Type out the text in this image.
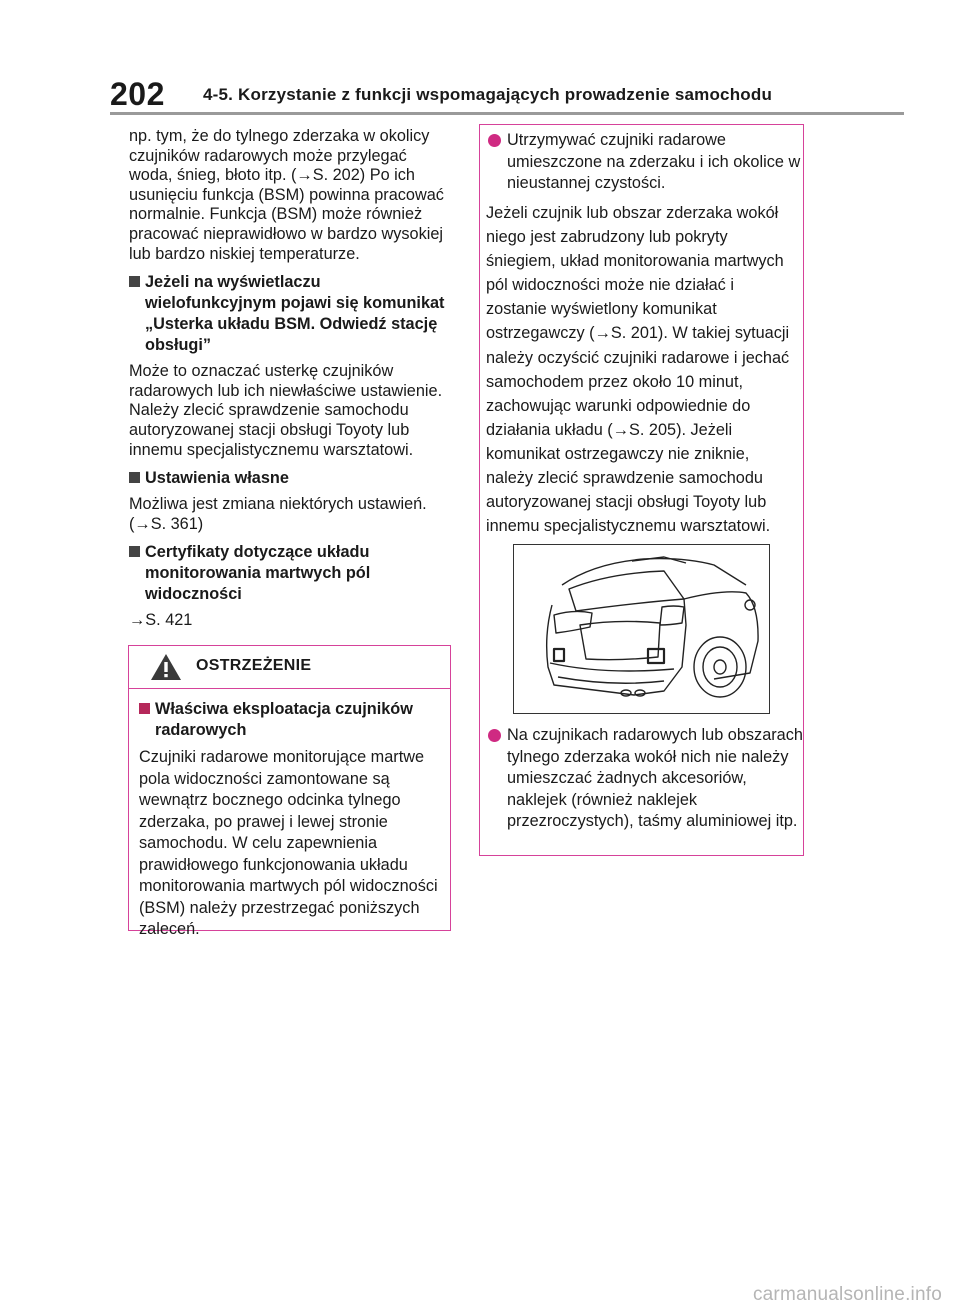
202 4-5. Korzystanie z funkcji wspomagających prowadzenie samochodu

np. tym, że do tylnego zderzaka w okolicy czujników radarowych może przylegać woda, śnieg, błoto itp. (→S. 202) Po ich usunięciu funkcja (BSM) powinna pracować normalnie. Funkcja (BSM) może również pracować nieprawidłowo w bardzo wysokiej lub bardzo niskiej temperaturze.

Jeżeli na wyświetlaczu wielofunkcyjnym pojawi się komunikat „Usterka układu BSM. Odwiedź stację obsługi”

Może to oznaczać usterkę czujników radarowych lub ich niewłaściwe ustawienie. Należy zlecić sprawdzenie samochodu autoryzowanej stacji obsługi Toyoty lub innemu specjalistycznemu warsztatowi.

Ustawienia własne

Możliwa jest zmiana niektórych ustawień. (→S. 361)

Certyfikaty dotyczące układu monitorowania martwych pól widoczności

→S. 421

OSTRZEŻENIE
Właściwa eksploatacja czujników radarowych

Czujniki radarowe monitorujące martwe pola widoczności zamontowane są wewnątrz bocznego odcinka tylnego zderzaka, po prawej i lewej stronie samochodu. W celu zapewnienia prawidłowego funkcjonowania układu monitorowania martwych pól widoczności (BSM) należy przestrzegać poniższych zaleceń.

Utrzymywać czujniki radarowe umieszczone na zderzaku i ich okolice w nieustannej czystości.
Jeżeli czujnik lub obszar zderzaka wokół niego jest zabrudzony lub pokryty śniegiem, układ monitorowania martwych pól widoczności może nie działać i zostanie wyświetlony komunikat ostrzegawczy (→S. 201). W takiej sytuacji należy oczyścić czujniki radarowe i jechać samochodem przez około 10 minut, zachowując warunki odpowiednie do działania układu (→S. 205). Jeżeli komunikat ostrzegawczy nie zniknie, należy zlecić sprawdzenie samochodu autoryzowanej stacji obsługi Toyoty lub innemu specjalistycznemu warsztatowi.
Na czujnikach radarowych lub obszarach tylnego zderzaka wokół nich nie należy umieszczać żadnych akcesoriów, naklejek (również naklejek przezroczystych), taśmy aluminiowej itp.
carmanualsonline.info
